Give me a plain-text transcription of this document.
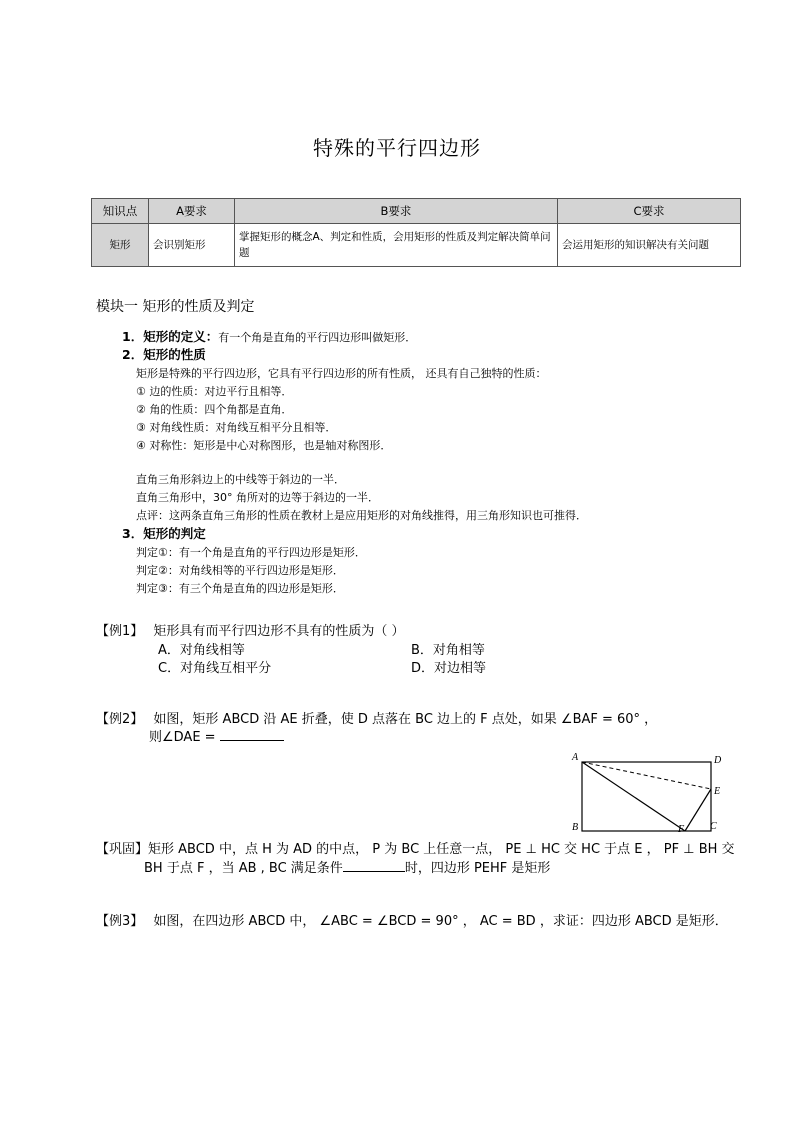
特殊的平行四边形
知识点	A要求	B要求	C要求
矩形	会识别矩形	掌握矩形的概念A、判定和性质，会用矩形的性质及判定解决简单问题	会运用矩形的知识解决有关问题
模块一 矩形的性质及判定
1．矩形的定义：有一个角是直角的平行四边形叫做矩形．
2．矩形的性质
矩形是特殊的平行四边形，它具有平行四边形的所有性质， 还具有自己独特的性质：
① 边的性质：对边平行且相等．
② 角的性质：四个角都是直角．
③ 对角线性质：对角线互相平分且相等．
④ 对称性：矩形是中心对称图形，也是轴对称图形．
直角三角形斜边上的中线等于斜边的一半．
直角三角形中，30° 角所对的边等于斜边的一半．
点评：这两条直角三角形的性质在教材上是应用矩形的对角线推得，用三角形知识也可推得．
3．矩形的判定
判定①：有一个角是直角的平行四边形是矩形．
判定②：对角线相等的平行四边形是矩形．
判定③：有三个角是直角的四边形是矩形．
【例1】 矩形具有而平行四边形不具有的性质为（ ）
A．对角线相等	B．对角相等
C．对角线互相平分	D．对边相等
【例2】 如图，矩形 ABCD 沿 AE 折叠，使 D 点落在 BC 边上的 F 点处，如果 ∠BAF = 60° ，
则∠DAE =
A	D
E
B	F	C
【巩固】矩形 ABCD 中，点 H 为 AD 的中点， P 为 BC 上任意一点， PE ⊥ HC 交 HC 于点 E ， PF ⊥ BH 交
BH 于点 F ，当 AB , BC 满足条件	时，四边形 PEHF 是矩形
【例3】 如图，在四边形 ABCD 中， ∠ABC = ∠BCD = 90° ， AC = BD ，求证：四边形 ABCD 是矩形．
